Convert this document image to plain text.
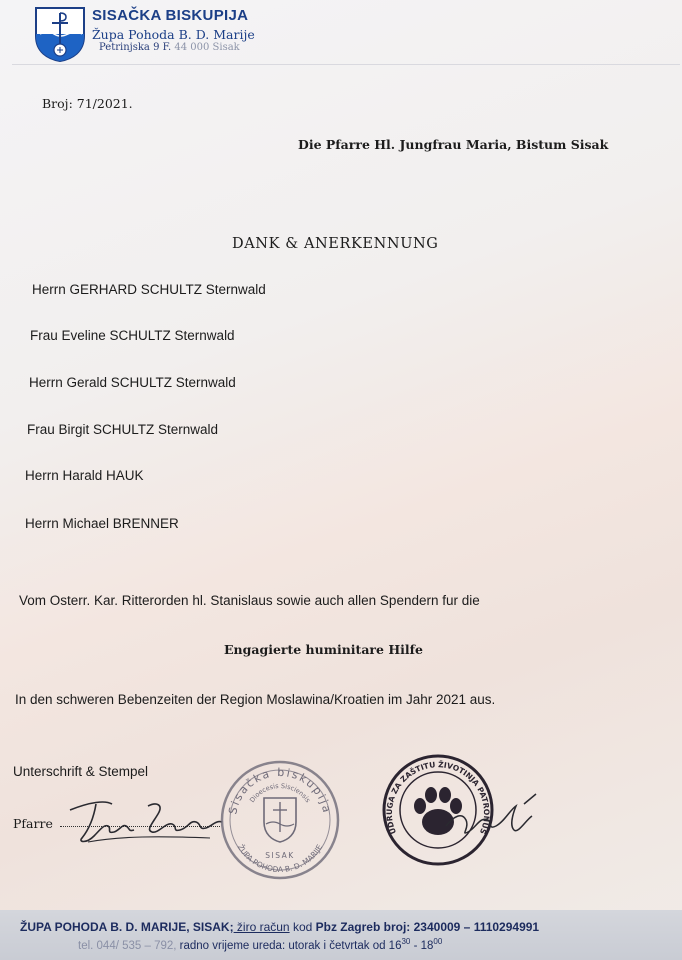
SISAČKA BISKUPIJA
Župa Pohoda B. D. Marije
Petrinjska 9 F. 44 000 Sisak
Broj: 71/2021.
Die Pfarre Hl. Jungfrau Maria, Bistum Sisak
DANK & ANERKENNUNG
Herrn GERHARD SCHULTZ Sternwald
Frau Eveline SCHULTZ Sternwald
Herrn Gerald SCHULTZ Sternwald
Frau Birgit SCHULTZ Sternwald
Herrn Harald HAUK
Herrn Michael BRENNER
Vom Osterr. Kar. Ritterorden hl. Stanislaus sowie auch allen Spendern fur die
Engagierte huminitare Hilfe
In den schweren Bebenzeiten der Region Moslawina/Kroatien im Jahr 2021 aus.
Unterschrift & Stempel
Pfarre
Sisačka biskupija
Dioecesis Sisciensis
ŽUPA POHODA B. D. MARIJE
SISAK
UDRUGA ZA ZAŠTITU ŽIVOTINJA PATRONUS
ŽUPA POHODA B. D. MARIJE, SISAK; žiro račun kod Pbz Zagreb broj: 2340009 – 1110294991
tel. 044/ 535 – 792, radno vrijeme ureda: utorak i četvrtak od $16^{30} - 18^{00}$
